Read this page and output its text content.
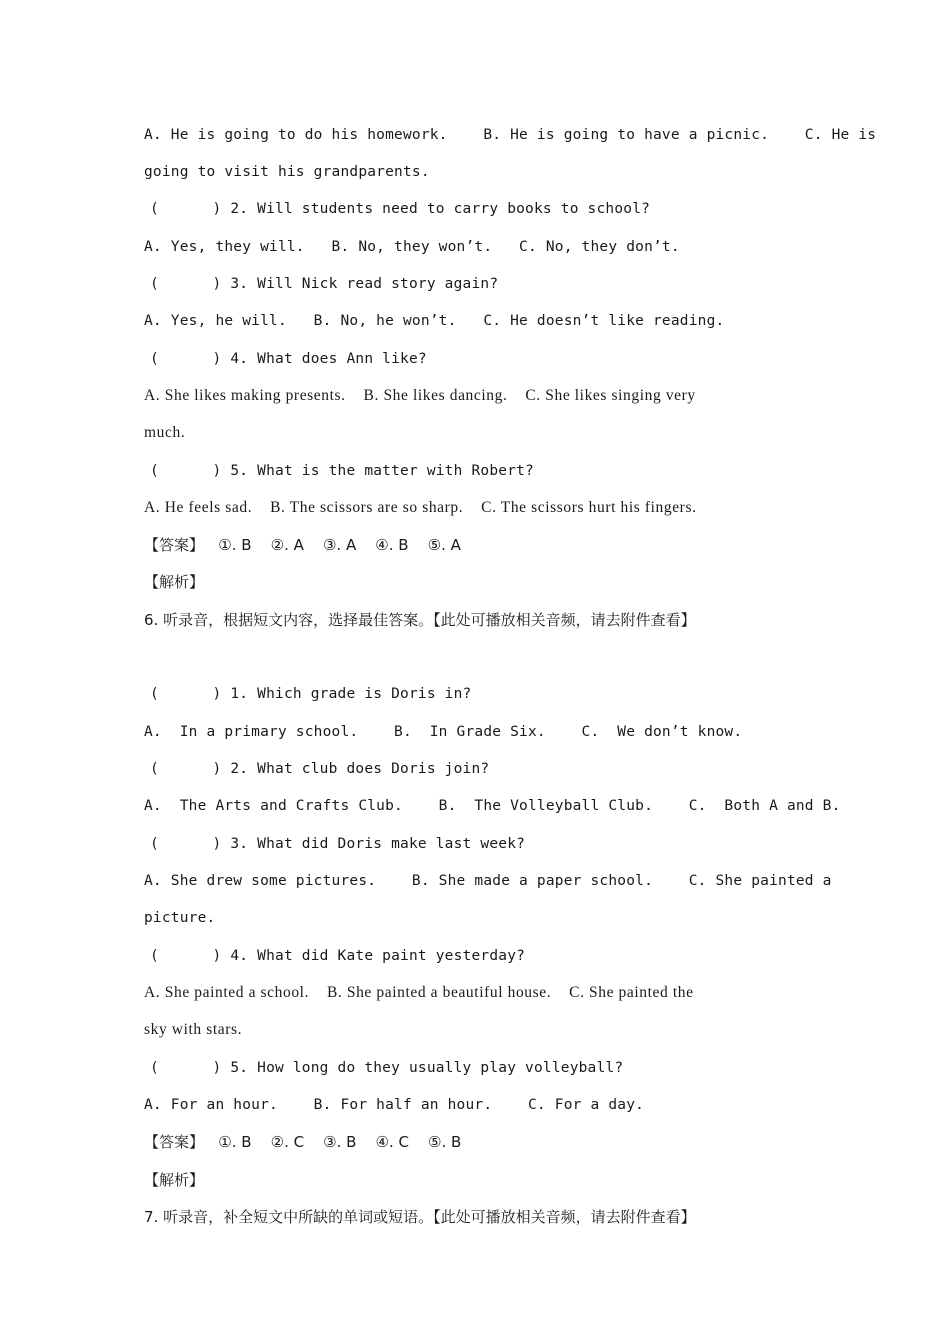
A. He is going to do his homework.    B. He is going to have a picnic.    C. He is
going to visit his grandparents.
(      ) 2. Will students need to carry books to school?
A. Yes, they will.   B. No, they won’t.   C. No, they don’t.
(      ) 3. Will Nick read story again?
A. Yes, he will.   B. No, he won’t.   C. He doesn’t like reading.
(      ) 4. What does Ann like?
A. She likes making presents.    B. She likes dancing.    C. She likes singing very
much.
(      ) 5. What is the matter with Robert?
A. He feels sad.    B. The scissors are so sharp.    C. The scissors hurt his fingers.
【答案】   ①. B    ②. A    ③. A    ④. B    ⑤. A
【解析】
6. 听录音，根据短文内容，选择最佳答案。【此处可播放相关音频，请去附件查看】
(      ) 1. Which grade is Doris in?
A.  In a primary school.    B.  In Grade Six.    C.  We don’t know.
(      ) 2. What club does Doris join?
A.  The Arts and Crafts Club.    B.  The Volleyball Club.    C.  Both A and B.
(      ) 3. What did Doris make last week?
A. She drew some pictures.    B. She made a paper school.    C. She painted a
picture.
(      ) 4. What did Kate paint yesterday?
A. She painted a school.    B. She painted a beautiful house.    C. She painted the
sky with stars.
(      ) 5. How long do they usually play volleyball?
A. For an hour.    B. For half an hour.    C. For a day.
【答案】   ①. B    ②. C    ③. B    ④. C    ⑤. B
【解析】
7. 听录音，补全短文中所缺的单词或短语。【此处可播放相关音频，请去附件查看】
